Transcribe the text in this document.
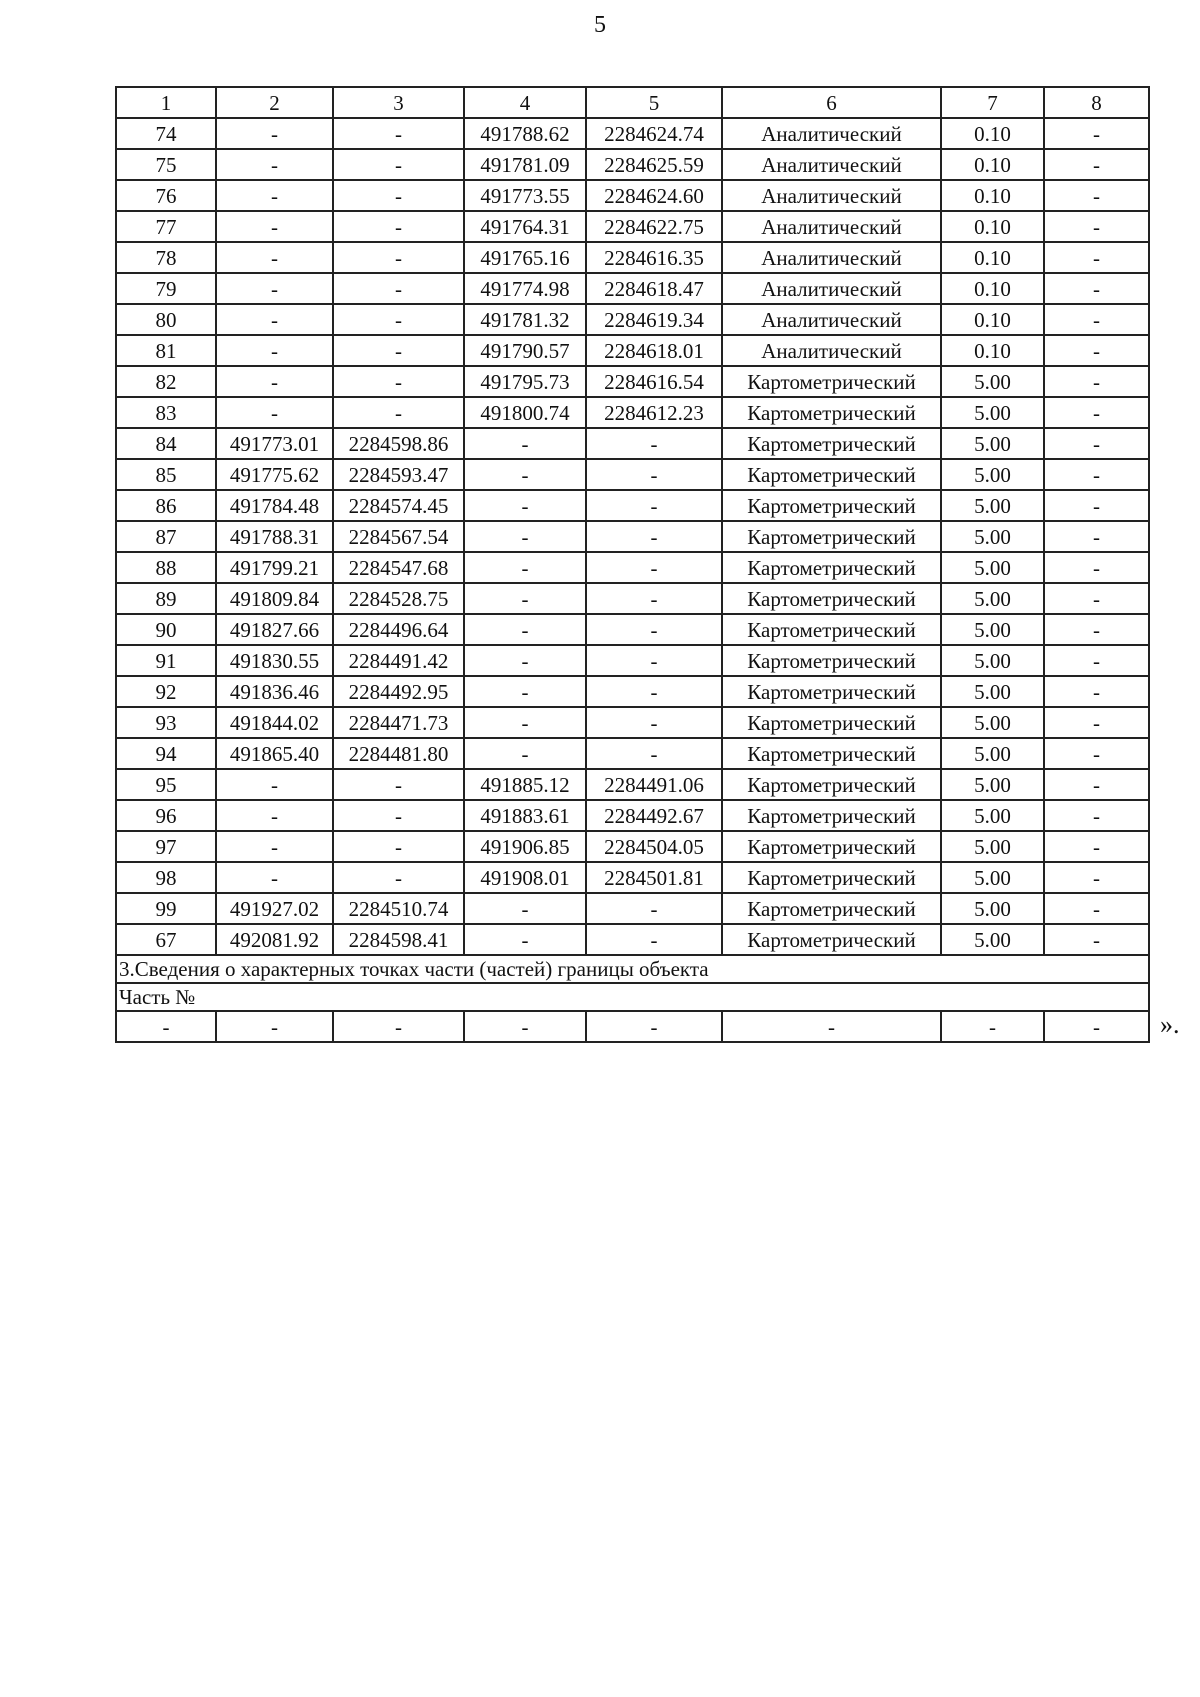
5
1	2	3	4	5	6	7	8
74	-	-	491788.62	2284624.74	Аналитический	0.10	-
75	-	-	491781.09	2284625.59	Аналитический	0.10	-
76	-	-	491773.55	2284624.60	Аналитический	0.10	-
77	-	-	491764.31	2284622.75	Аналитический	0.10	-
78	-	-	491765.16	2284616.35	Аналитический	0.10	-
79	-	-	491774.98	2284618.47	Аналитический	0.10	-
80	-	-	491781.32	2284619.34	Аналитический	0.10	-
81	-	-	491790.57	2284618.01	Аналитический	0.10	-
82	-	-	491795.73	2284616.54	Картометрический	5.00	-
83	-	-	491800.74	2284612.23	Картометрический	5.00	-
84	491773.01	2284598.86	-	-	Картометрический	5.00	-
85	491775.62	2284593.47	-	-	Картометрический	5.00	-
86	491784.48	2284574.45	-	-	Картометрический	5.00	-
87	491788.31	2284567.54	-	-	Картометрический	5.00	-
88	491799.21	2284547.68	-	-	Картометрический	5.00	-
89	491809.84	2284528.75	-	-	Картометрический	5.00	-
90	491827.66	2284496.64	-	-	Картометрический	5.00	-
91	491830.55	2284491.42	-	-	Картометрический	5.00	-
92	491836.46	2284492.95	-	-	Картометрический	5.00	-
93	491844.02	2284471.73	-	-	Картометрический	5.00	-
94	491865.40	2284481.80	-	-	Картометрический	5.00	-
95	-	-	491885.12	2284491.06	Картометрический	5.00	-
96	-	-	491883.61	2284492.67	Картометрический	5.00	-
97	-	-	491906.85	2284504.05	Картометрический	5.00	-
98	-	-	491908.01	2284501.81	Картометрический	5.00	-
99	491927.02	2284510.74	-	-	Картометрический	5.00	-
67	492081.92	2284598.41	-	-	Картометрический	5.00	-
3.Сведения о характерных точках части (частей) границы объекта							
Часть №							
-	-	-	-	-	-	-	- ».
